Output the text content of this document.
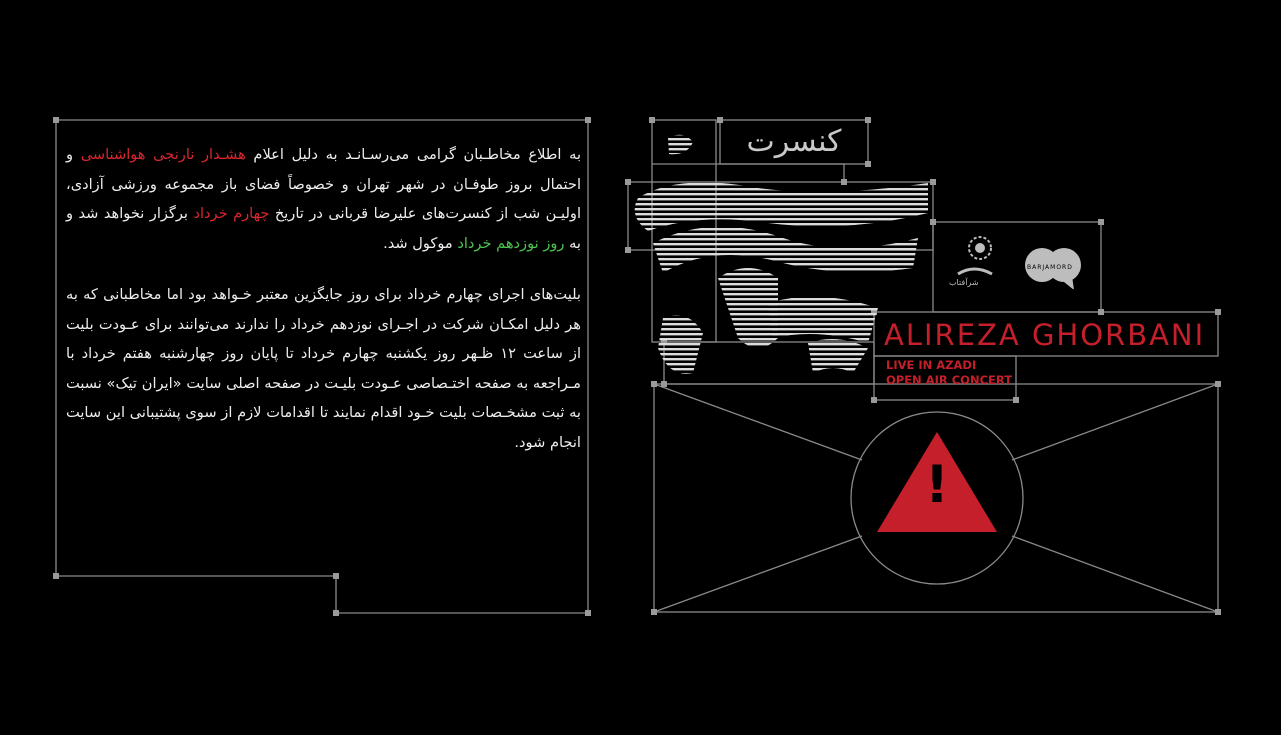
به اطلاع مخاطـبان گرامی می‌رسـانـد به دلیل اعلام هشـدار نارنجی هواشناسی و احتمال بروز طوفـان در شهر تهران و خصوصاً فضای باز مجموعه ورزشی آزادی، اولیـن شب از کنسرت‌های علیرضا قربانی در تاریخ چهارم خرداد برگزار نخواهد شد و به روز نوزدهم خرداد موکول شد.

بلیت‌های اجرای چهارم خرداد برای روز جایگزین معتبر خـواهد بود اما مخاطبانی که به هر دلیل امکـان شرکت در اجـرای نوزدهم خرداد را ندارند می‌توانند برای عـودت بلیت از ساعت ۱۲ ظـهر روز یکشنبه چهارم خرداد تا پایان روز چهارشنبه هفتم خرداد با مـراجعه به صفحه اختـصاصی عـودت بلیـت در صفحه اصلی سایت «ایران تیک» نسبت به ثبت مشخـصات بلیت خـود اقدام نمایند تا اقدامات لازم از سوی پشتیبانی این سایت انجام شود.

!
کنسرت
BARJAMORD
شرآفتاب
ALIREZA GHORBANI
LIVE IN AZADI
OPEN AIR CONCERT
